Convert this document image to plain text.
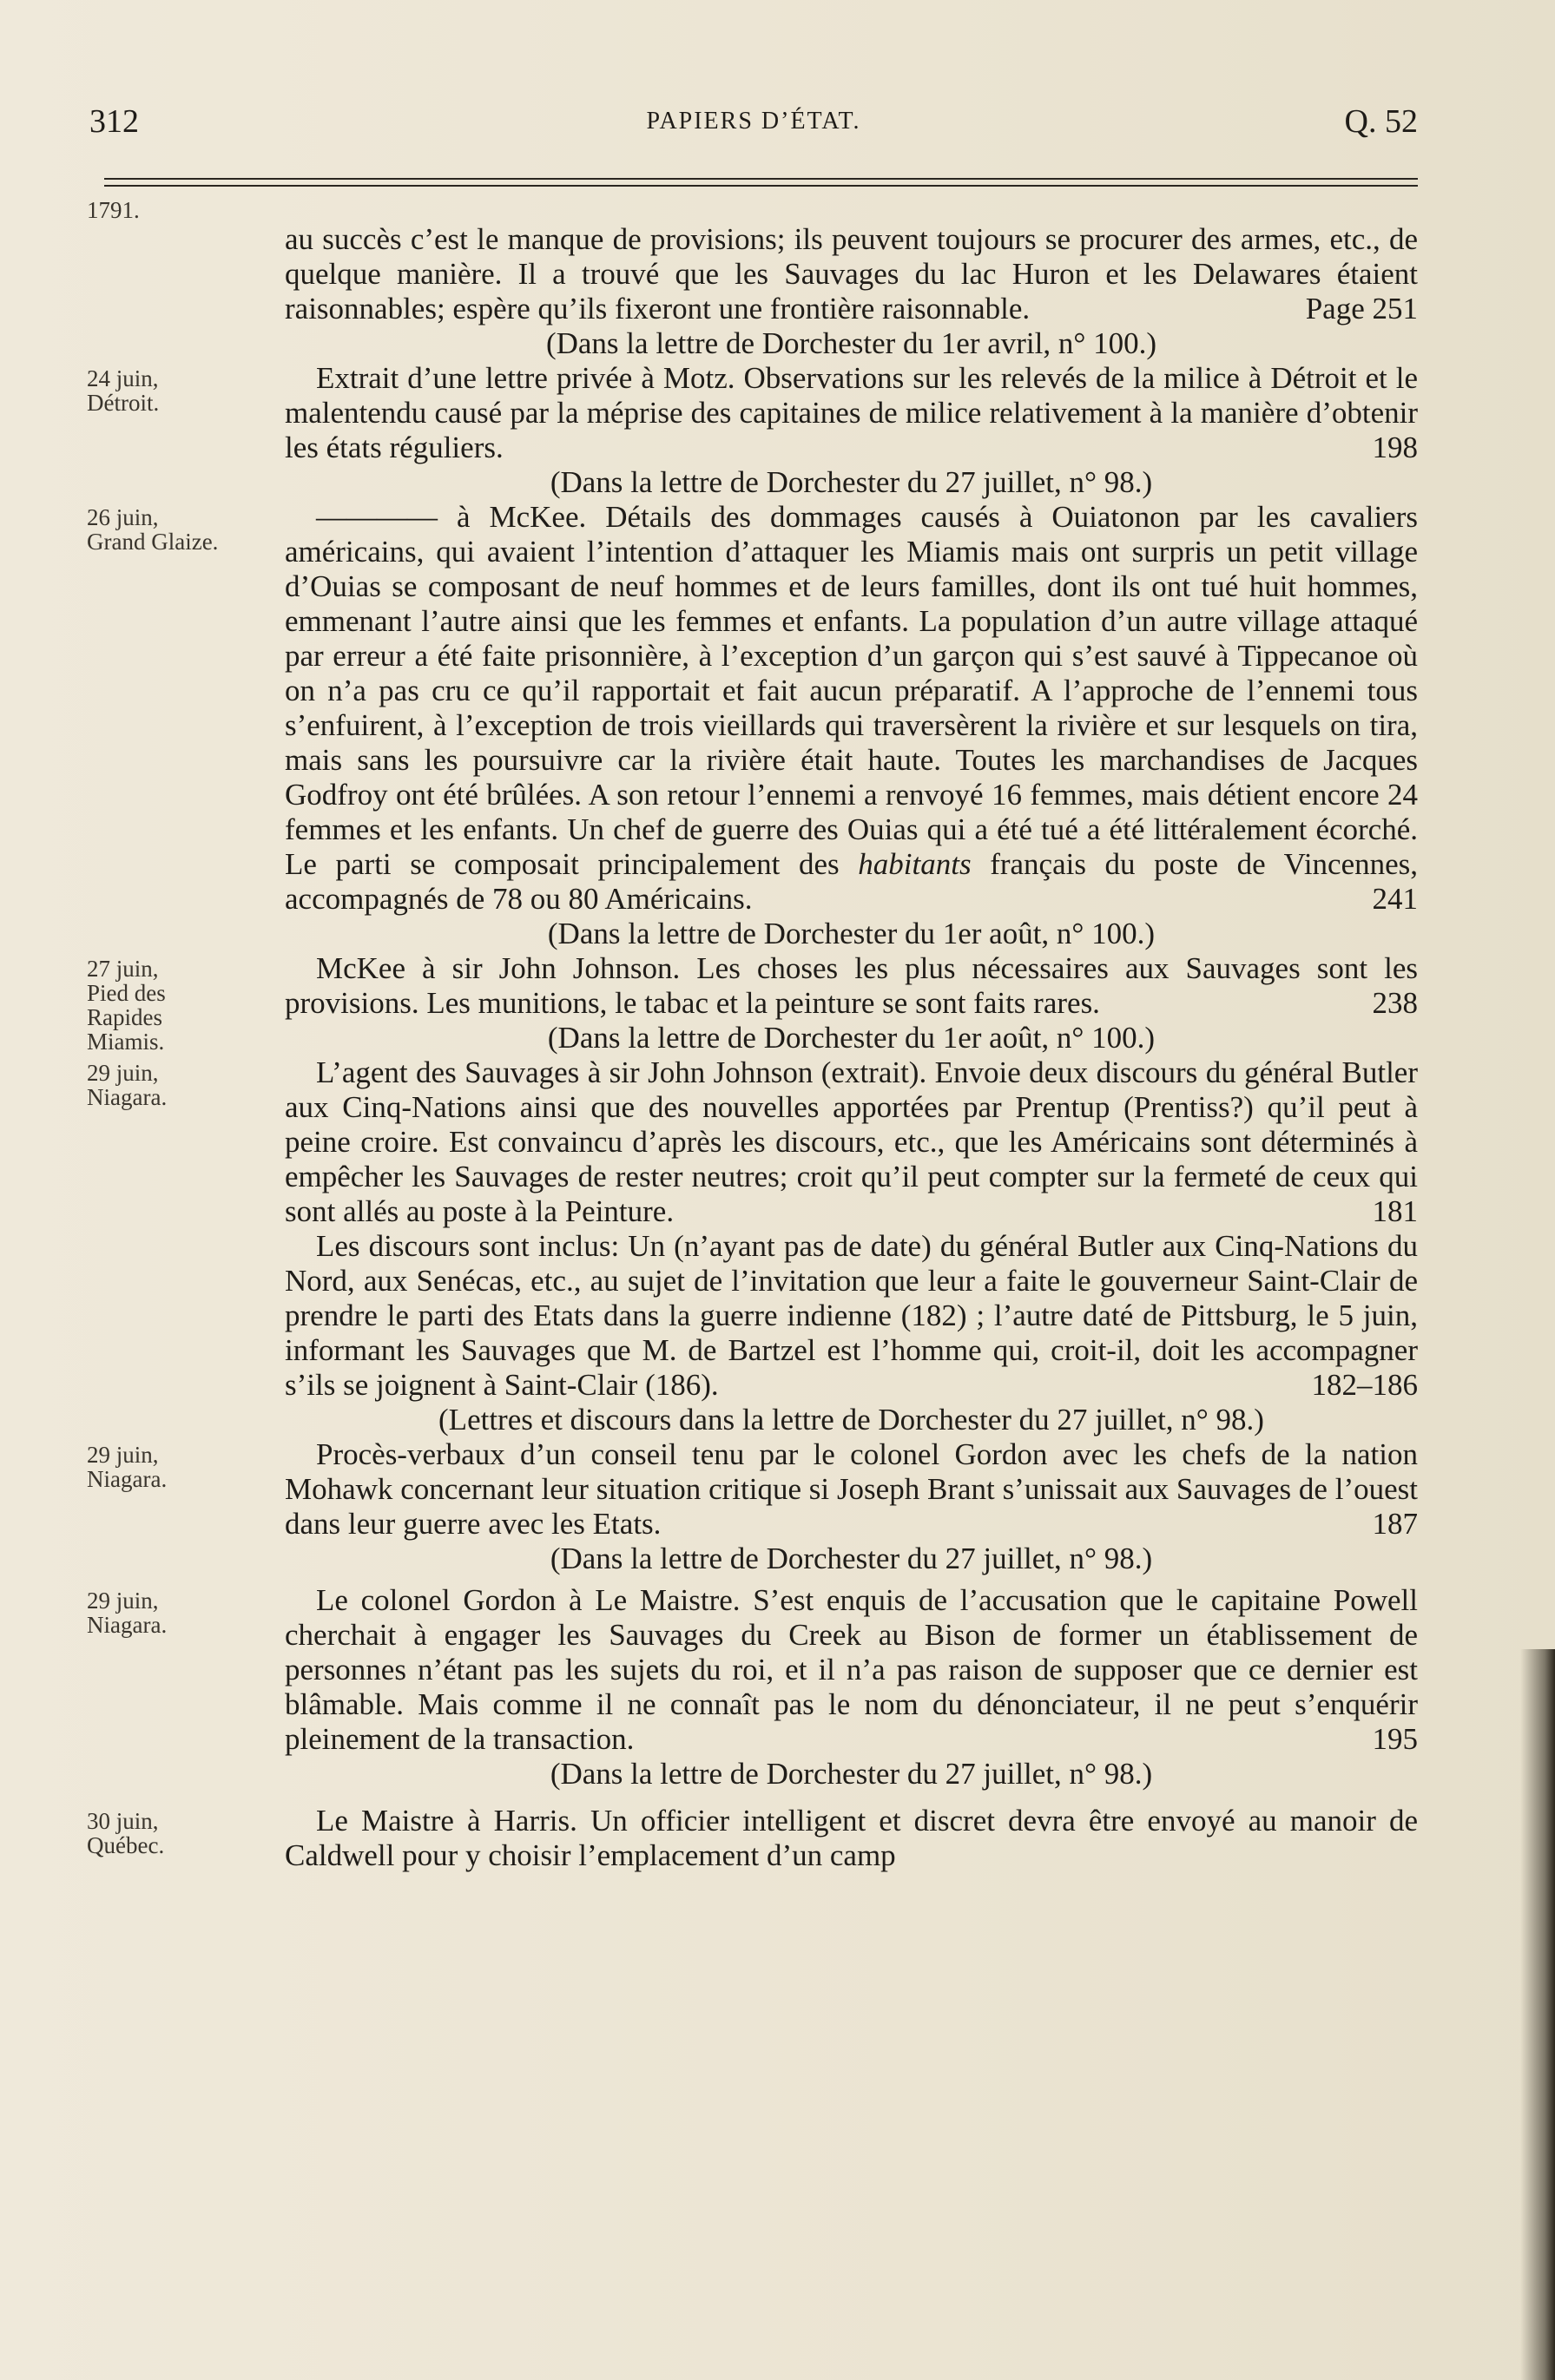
312	PAPIERS D’ÉTAT.	Q. 52
1791.

au succès c’est le manque de provisions; ils peuvent toujours se procurer des armes, etc., de quelque manière. Il a trouvé que les Sauvages du lac Huron et les Delawares étaient raisonnables; espère qu’ils fixeront une frontière raisonnable.	Page 251

(Dans la lettre de Dorchester du 1er avril, n° 100.)

24 juin,
Détroit.

Extrait d’une lettre privée à Motz. Observations sur les relevés de la milice à Détroit et le malentendu causé par la méprise des capitaines de milice relativement à la manière d’obtenir les états réguliers.	198

(Dans la lettre de Dorchester du 27 juillet, n° 98.)

26 juin,
Grand Glaize.

———— à McKee. Détails des dommages causés à Ouiatonon par les cavaliers américains, qui avaient l’intention d’attaquer les Miamis mais ont surpris un petit village d’Ouias se composant de neuf hommes et de leurs familles, dont ils ont tué huit hommes, emmenant l’autre ainsi que les femmes et enfants. La population d’un autre village attaqué par erreur a été faite prisonnière, à l’exception d’un garçon qui s’est sauvé à Tippecanoe où on n’a pas cru ce qu’il rapportait et fait aucun préparatif. A l’approche de l’ennemi tous s’enfuirent, à l’exception de trois vieillards qui traversèrent la rivière et sur lesquels on tira, mais sans les poursuivre car la rivière était haute. Toutes les marchandises de Jacques Godfroy ont été brûlées. A son retour l’ennemi a renvoyé 16 femmes, mais détient encore 24 femmes et les enfants. Un chef de guerre des Ouias qui a été tué a été littéralement écorché. Le parti se composait principalement des habitants français du poste de Vincennes, accompagnés de 78 ou 80 Américains.	241

(Dans la lettre de Dorchester du 1er août, n° 100.)

27 juin,
Pied des
Rapides
Miamis.

McKee à sir John Johnson. Les choses les plus nécessaires aux Sauvages sont les provisions. Les munitions, le tabac et la peinture se sont faits rares.	238

(Dans la lettre de Dorchester du 1er août, n° 100.)

29 juin,
Niagara.

L’agent des Sauvages à sir John Johnson (extrait). Envoie deux discours du général Butler aux Cinq-Nations ainsi que des nouvelles apportées par Prentup (Prentiss?) qu’il peut à peine croire. Est convaincu d’après les discours, etc., que les Américains sont déterminés à empêcher les Sauvages de rester neutres; croit qu’il peut compter sur la fermeté de ceux qui sont allés au poste à la Peinture.	181

Les discours sont inclus: Un (n’ayant pas de date) du général Butler aux Cinq-Nations du Nord, aux Senécas, etc., au sujet de l’invitation que leur a faite le gouverneur Saint-Clair de prendre le parti des Etats dans la guerre indienne (182) ; l’autre daté de Pittsburg, le 5 juin, informant les Sauvages que M. de Bartzel est l’homme qui, croit-il, doit les accompagner s’ils se joignent à Saint-Clair (186).	182–186

(Lettres et discours dans la lettre de Dorchester du 27 juillet, n° 98.)

29 juin,
Niagara.

Procès-verbaux d’un conseil tenu par le colonel Gordon avec les chefs de la nation Mohawk concernant leur situation critique si Joseph Brant s’unissait aux Sauvages de l’ouest dans leur guerre avec les Etats.	187

(Dans la lettre de Dorchester du 27 juillet, n° 98.)

29 juin,
Niagara.

Le colonel Gordon à Le Maistre. S’est enquis de l’accusation que le capitaine Powell cherchait à engager les Sauvages du Creek au Bison de former un établissement de personnes n’étant pas les sujets du roi, et il n’a pas raison de supposer que ce dernier est blâmable. Mais comme il ne connaît pas le nom du dénonciateur, il ne peut s’enquérir pleinement de la transaction.	195

(Dans la lettre de Dorchester du 27 juillet, n° 98.)

30 juin,
Québec.

Le Maistre à Harris. Un officier intelligent et discret devra être envoyé au manoir de Caldwell pour y choisir l’emplacement d’un camp
